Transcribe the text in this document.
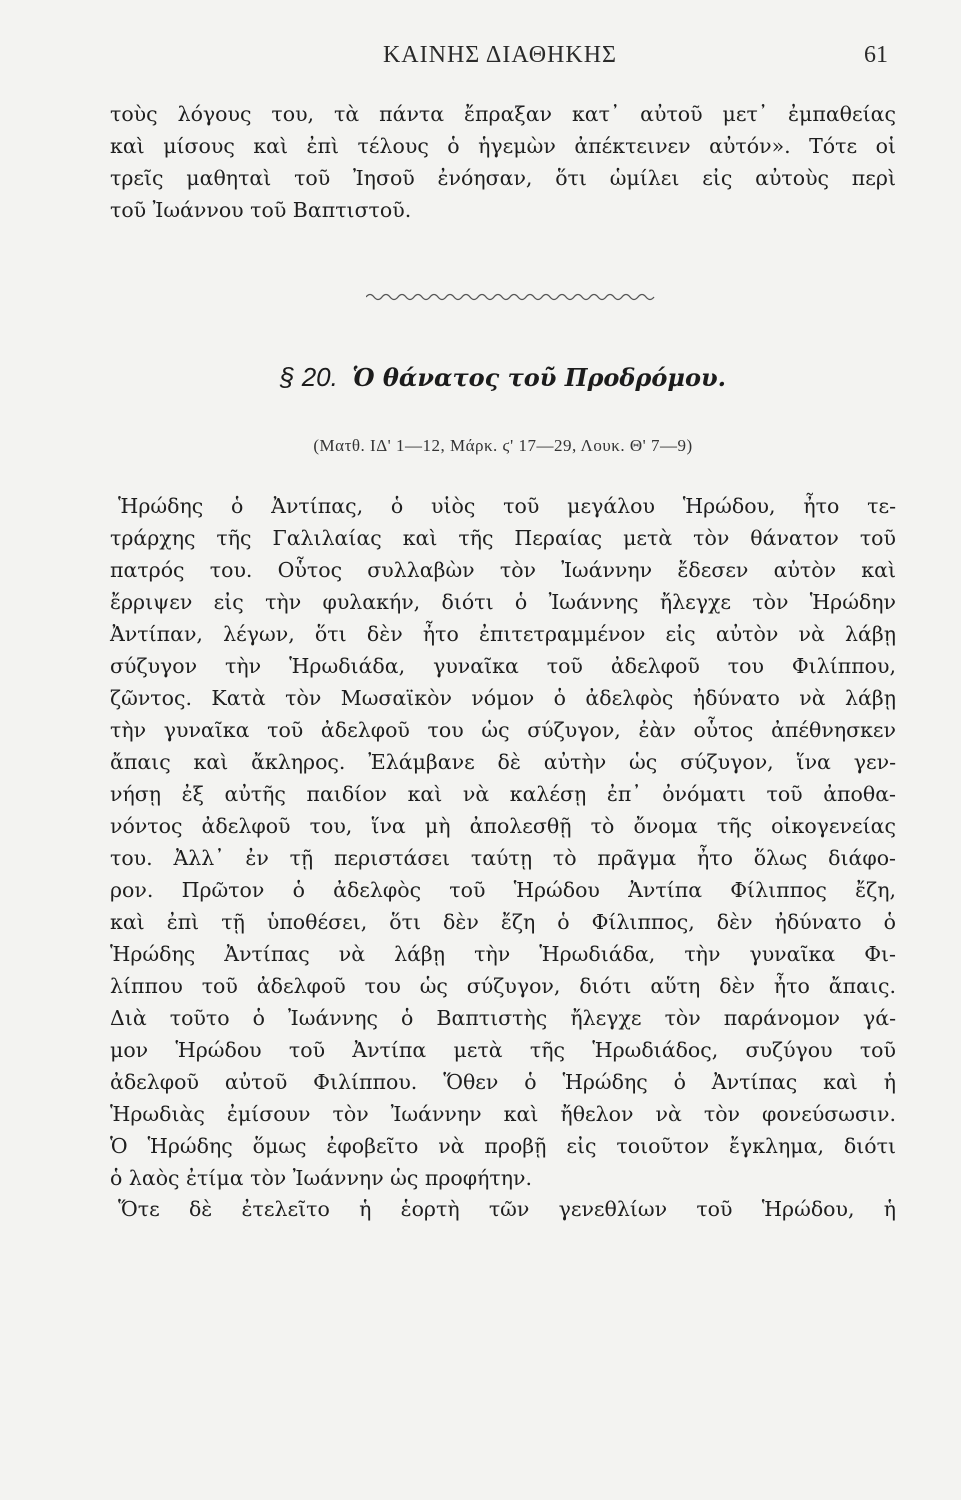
ΚΑΙΝΗΣ ΔΙΑΘΗΚΗΣ	61
τοὺς λόγους του, τὰ πάντα ἔπραξαν κατ᾽ αὐτοῦ μετ᾽ ἐμπαθείας
καὶ μίσους καὶ ἐπὶ τέλους ὁ ἡγεμὼν ἀπέκτεινεν αὐτόν». Τότε οἱ
τρεῖς μαθηταὶ τοῦ Ἰησοῦ ἐνόησαν, ὅτι ὡμίλει εἰς αὐτοὺς περὶ
τοῦ Ἰωάννου τοῦ Βαπτιστοῦ.
§ 20. Ὁ θάνατος τοῦ Προδρόμου.
(Ματθ. ΙΔ' 1—12, Μάρκ. ϛ' 17—29, Λουκ. Θ' 7—9)
Ἡρώδης ὁ Ἀντίπας, ὁ υἱὸς τοῦ μεγάλου Ἡρώδου, ἦτο τε-
τράρχης τῆς Γαλιλαίας καὶ τῆς Περαίας μετὰ τὸν θάνατον τοῦ
πατρός του. Οὗτος συλλαβὼν τὸν Ἰωάννην ἔδεσεν αὐτὸν καὶ
ἔρριψεν εἰς τὴν φυλακήν, διότι ὁ Ἰωάννης ἤλεγχε τὸν Ἡρώδην
Ἀντίπαν, λέγων, ὅτι δὲν ἦτο ἐπιτετραμμένον εἰς αὐτὸν νὰ λάβῃ
σύζυγον τὴν Ἡρωδιάδα, γυναῖκα τοῦ ἀδελφοῦ του Φιλίππου,
ζῶντος. Κατὰ τὸν Μωσαϊκὸν νόμον ὁ ἀδελφὸς ἠδύνατο νὰ λάβῃ
τὴν γυναῖκα τοῦ ἀδελφοῦ του ὡς σύζυγον, ἐὰν οὗτος ἀπέθνησκεν
ἄπαις καὶ ἄκληρος. Ἐλάμβανε δὲ αὐτὴν ὡς σύζυγον, ἵνα γεν-
νήσῃ ἐξ αὐτῆς παιδίον καὶ νὰ καλέσῃ ἐπ᾽ ὀνόματι τοῦ ἀποθα-
νόντος ἀδελφοῦ του, ἵνα μὴ ἀπολεσθῇ τὸ ὄνομα τῆς οἰκογενείας
του. Ἀλλ᾽ ἐν τῇ περιστάσει ταύτῃ τὸ πρᾶγμα ἦτο ὅλως διάφο-
ρον. Πρῶτον ὁ ἀδελφὸς τοῦ Ἡρώδου Ἀντίπα Φίλιππος ἔζη,
καὶ ἐπὶ τῇ ὑποθέσει, ὅτι δὲν ἔζη ὁ Φίλιππος, δὲν ἠδύνατο ὁ
Ἡρώδης Ἀντίπας νὰ λάβῃ τὴν Ἡρωδιάδα, τὴν γυναῖκα Φι-
λίππου τοῦ ἀδελφοῦ του ὡς σύζυγον, διότι αὕτη δὲν ἦτο ἄπαις.
Διὰ τοῦτο ὁ Ἰωάννης ὁ Βαπτιστὴς ἤλεγχε τὸν παράνομον γά-
μον Ἡρώδου τοῦ Ἀντίπα μετὰ τῆς Ἡρωδιάδος, συζύγου τοῦ
ἀδελφοῦ αὐτοῦ Φιλίππου. Ὅθεν ὁ Ἡρώδης ὁ Ἀντίπας καὶ ἡ
Ἡρωδιὰς ἐμίσουν τὸν Ἰωάννην καὶ ἤθελον νὰ τὸν φονεύσωσιν.
Ὁ Ἡρώδης ὅμως ἐφοβεῖτο νὰ προβῇ εἰς τοιοῦτον ἔγκλημα, διότι
ὁ λαὸς ἐτίμα τὸν Ἰωάννην ὡς προφήτην.
Ὅτε δὲ ἐτελεῖτο ἡ ἑορτὴ τῶν γενεθλίων τοῦ Ἡρώδου, ἡ
